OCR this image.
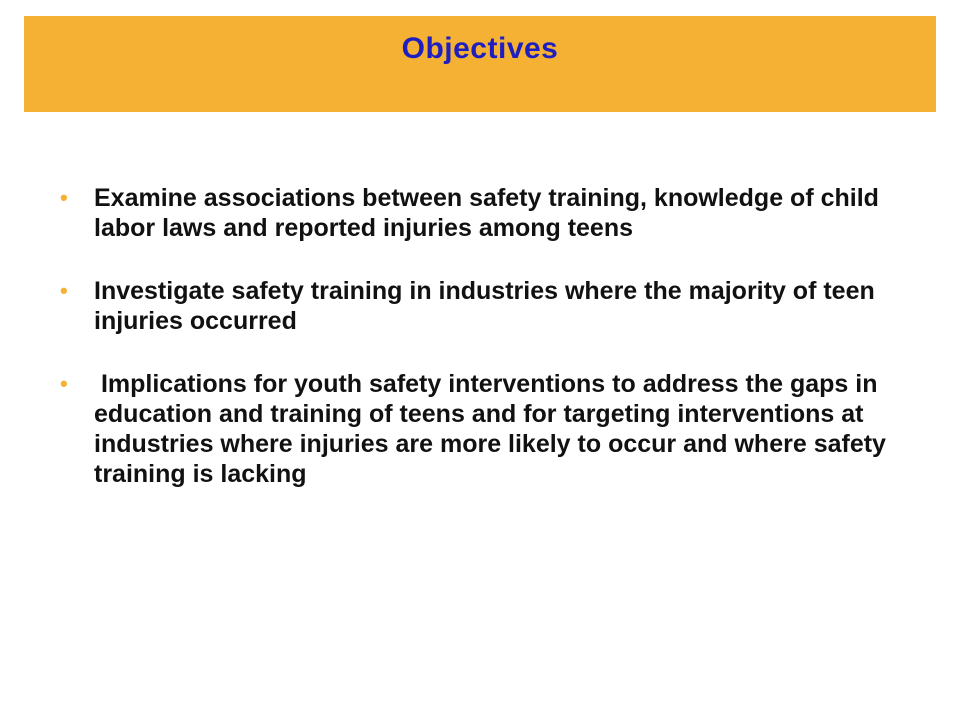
Objectives
•	Examine associations between safety training, knowledge of child labor laws and reported injuries among teens
•	Investigate safety training in industries where the majority of teen injuries occurred
•	Implications for youth safety interventions to address the gaps in education and training of teens and for targeting interventions at industries where injuries are more likely to occur and where safety training is lacking
